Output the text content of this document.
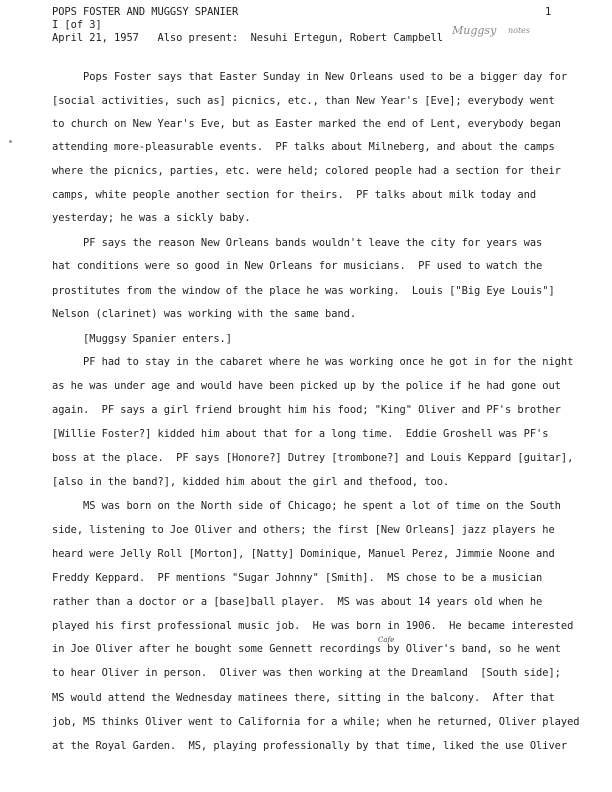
POPS FOSTER AND MUGGSY SPANIER
I [of 3]
April 21, 1957   Also present:  Nesuhi Ertegun, Robert Campbell
1
Muggsy notes
Pops Foster says that Easter Sunday in New Orleans used to be a bigger day for
[social activities, such as] picnics, etc., than New Year's [Eve]; everybody went
to church on New Year's Eve, but as Easter marked the end of Lent, everybody began
attending more-pleasurable events.  PF talks about Milneberg, and about the camps
where the picnics, parties, etc. were held; colored people had a section for their
camps, white people another section for theirs.  PF talks about milk today and
yesterday; he was a sickly baby.
PF says the reason New Orleans bands wouldn't leave the city for years was
hat conditions were so good in New Orleans for musicians.  PF used to watch the
prostitutes from the window of the place he was working.  Louis ["Big Eye Louis"]
Nelson (clarinet) was working with the same band.
[Muggsy Spanier enters.]
PF had to stay in the cabaret where he was working once he got in for the night
as he was under age and would have been picked up by the police if he had gone out
again.  PF says a girl friend brought him his food; "King" Oliver and PF's brother
[Willie Foster?] kidded him about that for a long time.  Eddie Groshell was PF's
boss at the place.  PF says [Honore?] Dutrey [trombone?] and Louis Keppard [guitar],
[also in the band?], kidded him about the girl and thefood, too.
MS was born on the North side of Chicago; he spent a lot of time on the South
side, listening to Joe Oliver and others; the first [New Orleans] jazz players he
heard were Jelly Roll [Morton], [Natty] Dominique, Manuel Perez, Jimmie Noone and
Freddy Keppard.  PF mentions "Sugar Johnny" [Smith].  MS chose to be a musician
rather than a doctor or a [base]ball player.  MS was about 14 years old when he
played his first professional music job.  He was born in 1906.  He became interested
in Joe Oliver after he bought some Gennett recordings by Oliver's band, so he went
to hear Oliver in person.  Oliver was then working at the Dreamland  [South side];
MS would attend the Wednesday matinees there, sitting in the balcony.  After that
job, MS thinks Oliver went to California for a while; when he returned, Oliver played
at the Royal Garden.  MS, playing professionally by that time, liked the use Oliver
Cafe
